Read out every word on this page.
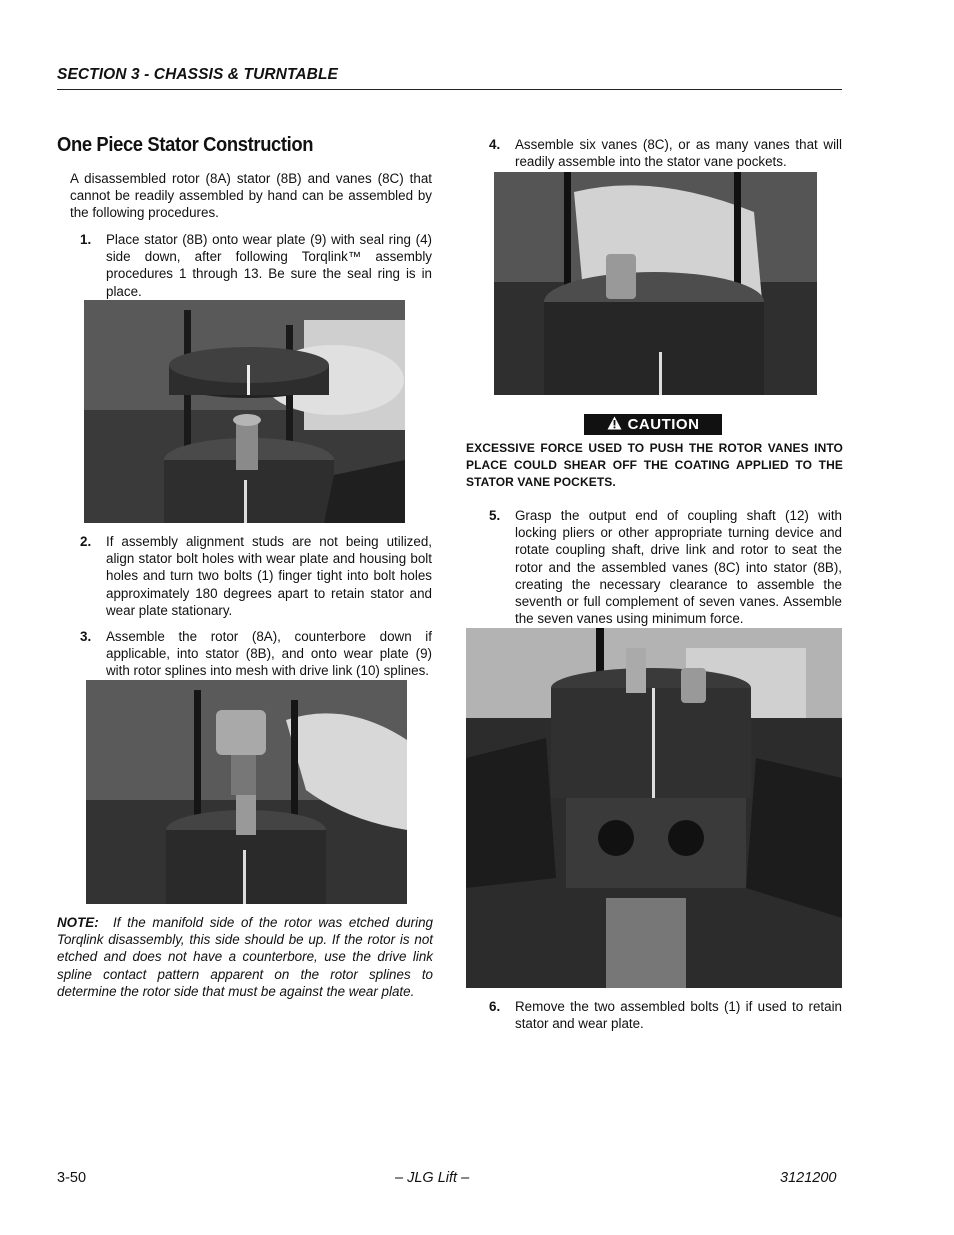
SECTION 3 - CHASSIS & TURNTABLE
One Piece Stator Construction
A disassembled rotor (8A) stator (8B) and vanes (8C) that cannot be readily assembled by hand can be assembled by the following procedures.
1.	Place stator (8B) onto wear plate (9) with seal ring (4) side down, after following Torqlink™ assembly procedures 1 through 13. Be sure the seal ring is in place.
2.	If assembly alignment studs are not being utilized, align stator bolt holes with wear plate and housing bolt holes and turn two bolts (1) finger tight into bolt holes approximately 180 degrees apart to retain stator and wear plate stationary.
3.	Assemble the rotor (8A), counterbore down if applicable, into stator (8B), and onto wear plate (9) with rotor splines into mesh with drive link (10) splines.
NOTE: If the manifold side of the rotor was etched during Torqlink disassembly, this side should be up. If the rotor is not etched and does not have a counterbore, use the drive link spline contact pattern apparent on the rotor splines to determine the rotor side that must be against the wear plate.
4.	Assemble six vanes (8C), or as many vanes that will readily assemble into the stator vane pockets.
CAUTION
EXCESSIVE FORCE USED TO PUSH THE ROTOR VANES INTO PLACE COULD SHEAR OFF THE COATING APPLIED TO THE STATOR VANE POCKETS.
5.	Grasp the output end of coupling shaft (12) with locking pliers or other appropriate turning device and rotate coupling shaft, drive link and rotor to seat the rotor and the assembled vanes (8C) into stator (8B), creating the necessary clearance to assemble the seventh or full complement of seven vanes. Assemble the seven vanes using minimum force.
6.	Remove the two assembled bolts (1) if used to retain stator and wear plate.
3-50	– JLG Lift –	3121200
